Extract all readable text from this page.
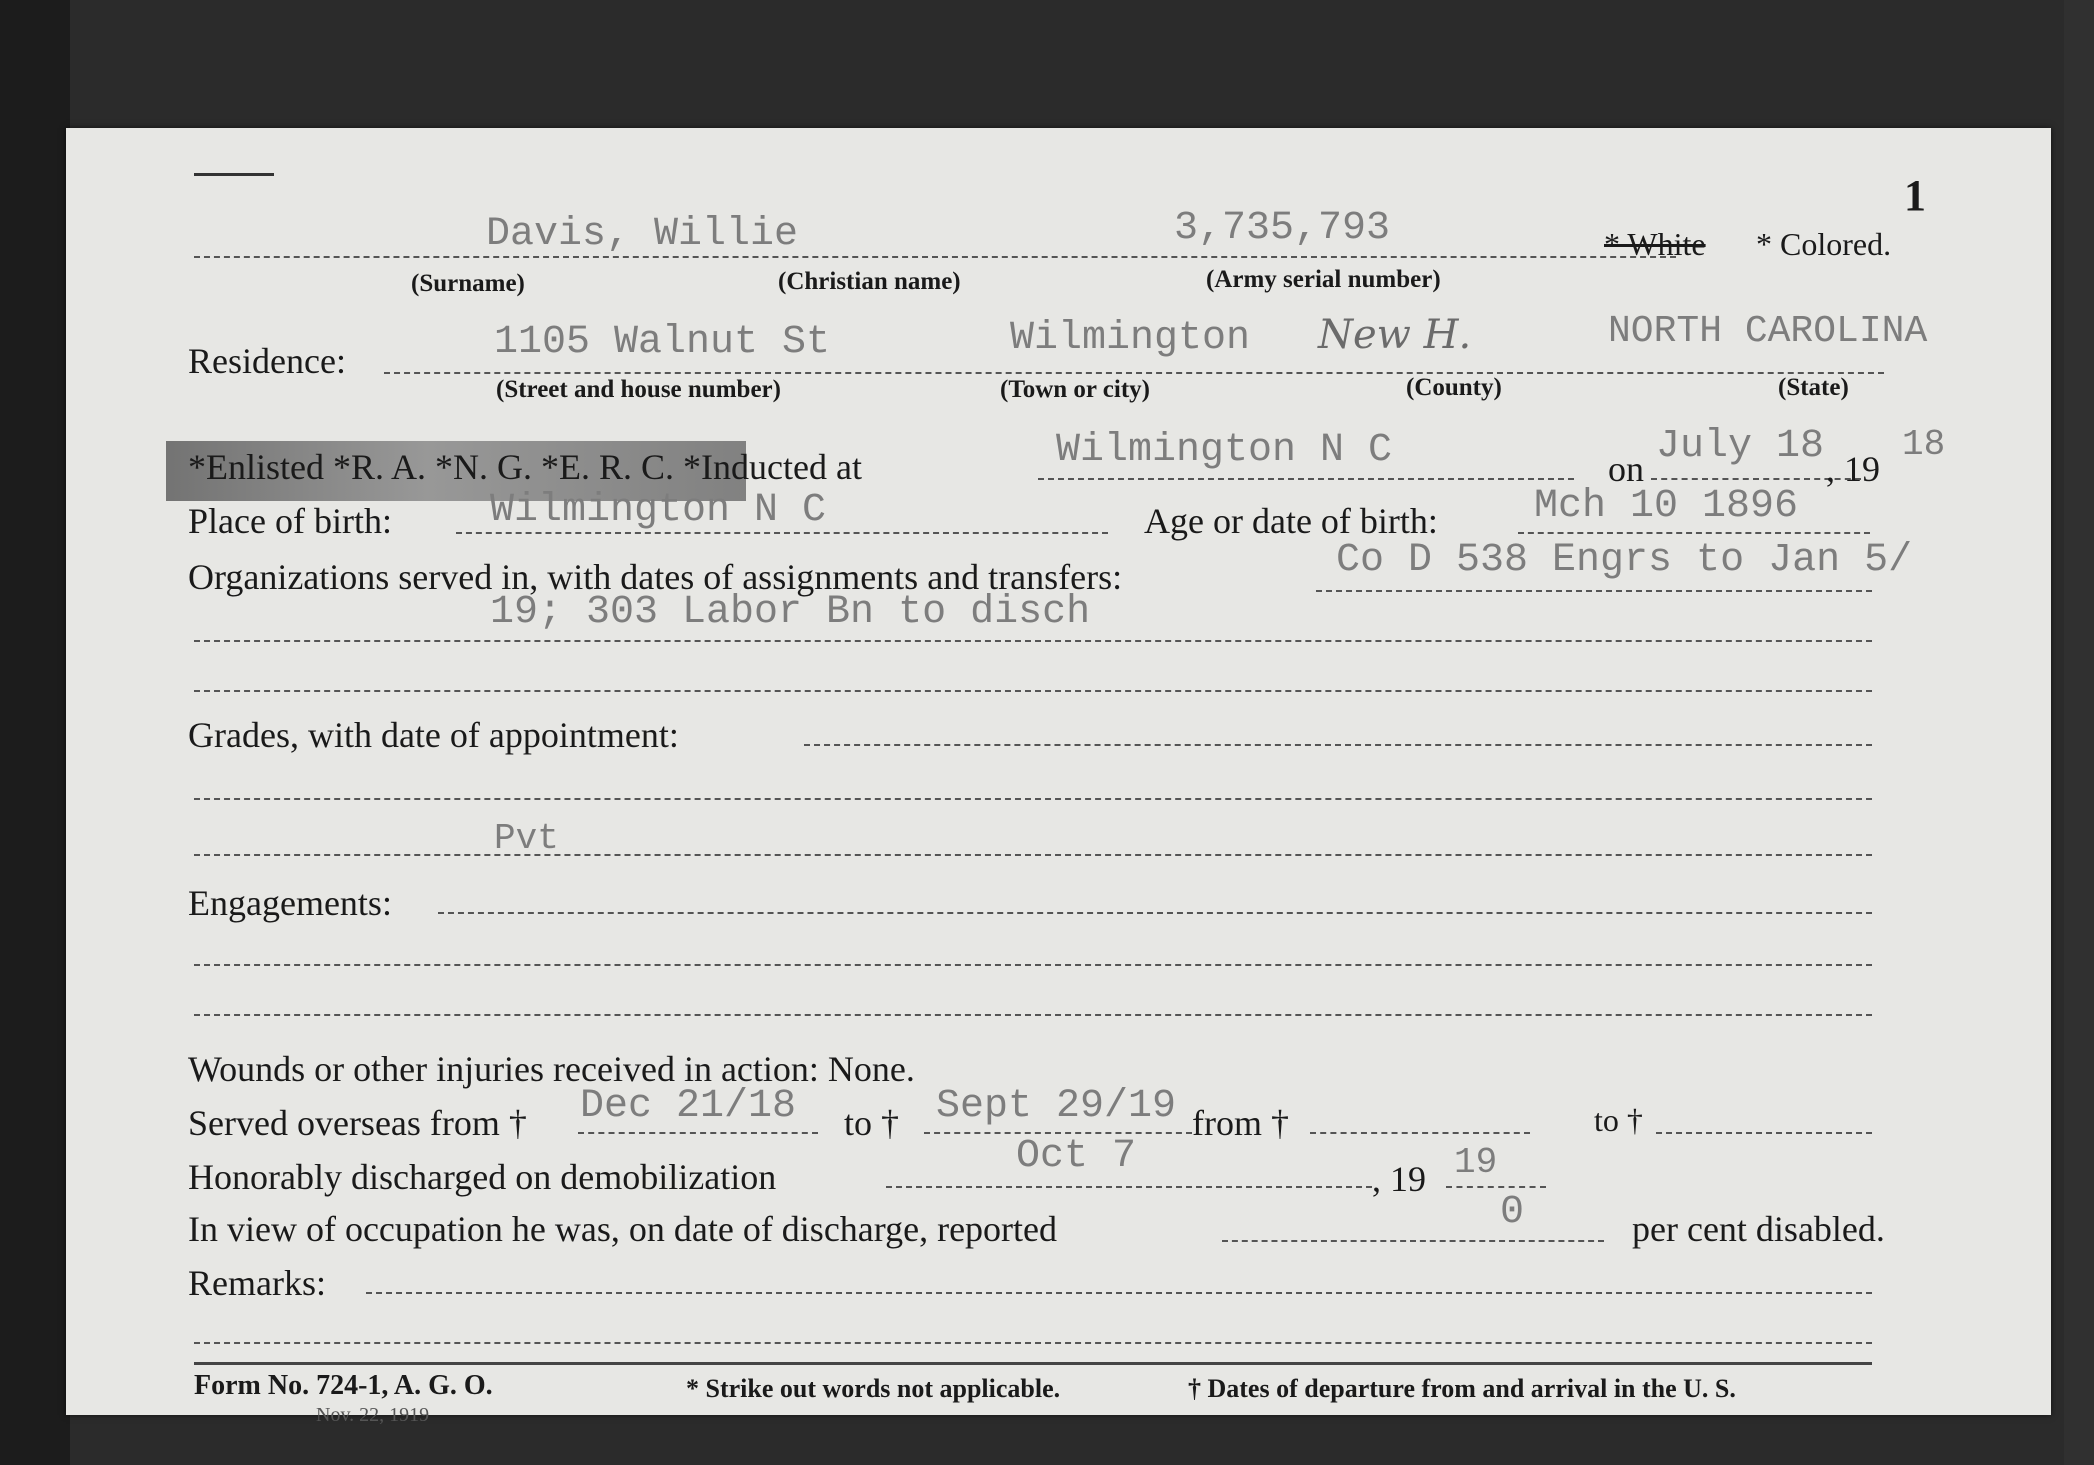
1
Davis, Willie	3,735,793	* White * Colored.
(Surname)	(Christian name)	(Army serial number)
Residence:	1105 Walnut St	Wilmington New H.	NORTH CAROLINA
(Street and house number)	(Town or city)	(County)	(State)
*Enlisted *R. A. *N. G. *E. R. C. *Inducted at	Wilmington N C	on July 18 , 19
18
Place of birth: Wilmington N C	Age or date of birth: Mch 10 1896
Organizations served in, with dates of assignments and transfers:	Co D 538 Engrs to Jan 5/
19; 303 Labor Bn to disch
Grades, with date of appointment:
Pvt
Engagements:
Wounds or other injuries received in action: None.
Served overseas from † Dec 21/18 to † Sept 29/19 from †	to †
Honorably discharged on demobilization	Oct 7	, 19 19
In view of occupation he was, on date of discharge, reported	0	per cent disabled.
Remarks:
Form No. 724-1, A. G. O.
Nov. 22, 1919
* Strike out words not applicable.	† Dates of departure from and arrival in the U. S.
